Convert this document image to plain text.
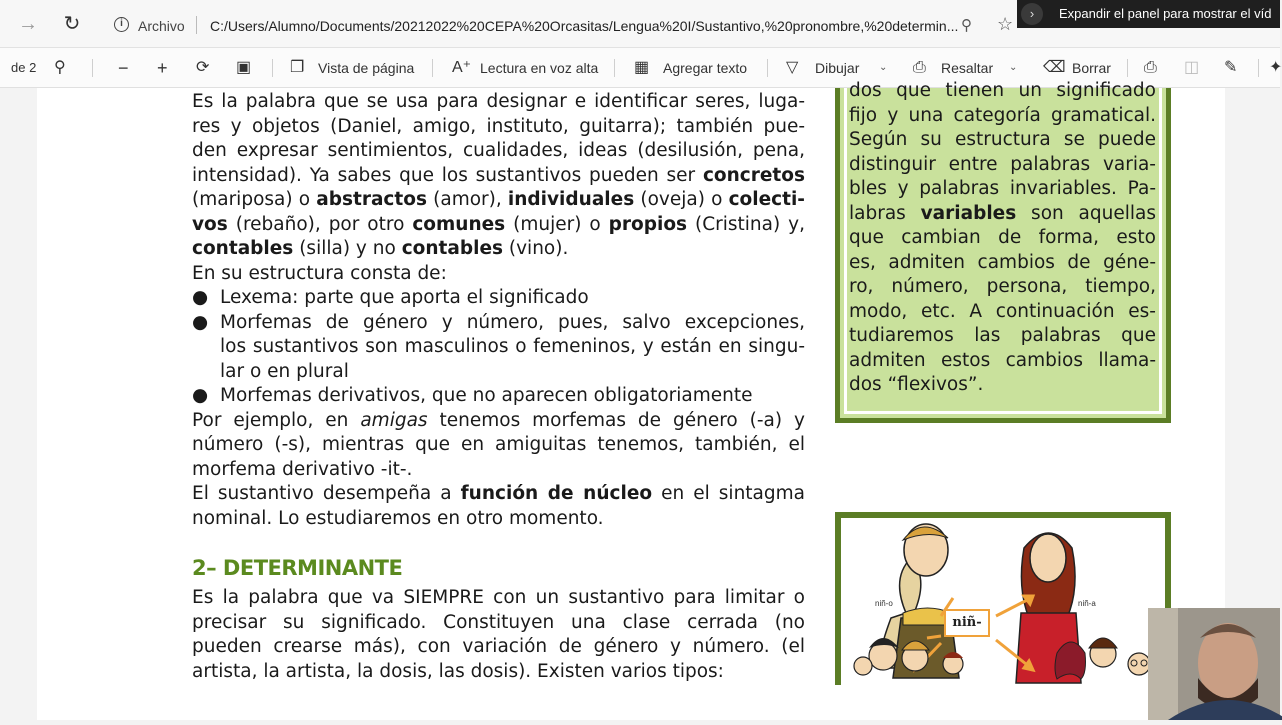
→ ↻	i	Archivo C:/Users/Alumno/Documents/20212022%20CEPA%20Orcasitas/Lengua%20I/Sustantivo,%20pronombre,%20determin... ⚲ ☆
Expandir el panel para mostrar el víd
›
de 2 ⚲	− + ⟳ ▣ ❐ Vista de página A⁺ Lectura en voz alta ▦ Agregar texto ▽ Dibujar ⌄ ⎙ Resaltar ⌄ ⌫ Borrar ⎙ ◫ ✎ ✦
Es la palabra que se usa para designar e identificar seres, luga-
res y objetos (Daniel, amigo, instituto, guitarra); también pue-
den expresar sentimientos, cualidades, ideas (desilusión, pena,
intensidad). Ya sabes que los sustantivos pueden ser concretos
(mariposa) o abstractos (amor), individuales (oveja) o colecti-
vos (rebaño), por otro comunes (mujer) o propios (Cristina) y,
contables (silla) y no contables (vino).
En su estructura consta de:
● Lexema: parte que aporta el significado
● Morfemas de género y número, pues, salvo excepciones,
los sustantivos son masculinos o femeninos, y están en singu-
lar o en plural
● Morfemas derivativos, que no aparecen obligatoriamente
Por ejemplo, en amigas tenemos morfemas de género (-a) y
número (-s), mientras que en amiguitas tenemos, también, el
morfema derivativo -it-.
El sustantivo desempeña a función de núcleo en el sintagma
nominal. Lo estudiaremos en otro momento.
2– DETERMINANTE
Es la palabra que va SIEMPRE con un sustantivo para limitar o
precisar su significado. Constituyen una clase cerrada (no
pueden crearse más), con variación de género y número. (el
artista, la artista, la dosis, las dosis). Existen varios tipos:
dos que tienen un significado
fijo y una categoría gramatical.
Según su estructura se puede
distinguir entre palabras varia-
bles y palabras invariables. Pa-
labras variables son aquellas
que cambian de forma, esto
es, admiten cambios de géne-
ro, número, persona, tiempo,
modo, etc. A continuación es-
tudiaremos las palabras que
admiten estos cambios llama-
dos “flexivos”.
niñ-o	niñ-a
niñ-
